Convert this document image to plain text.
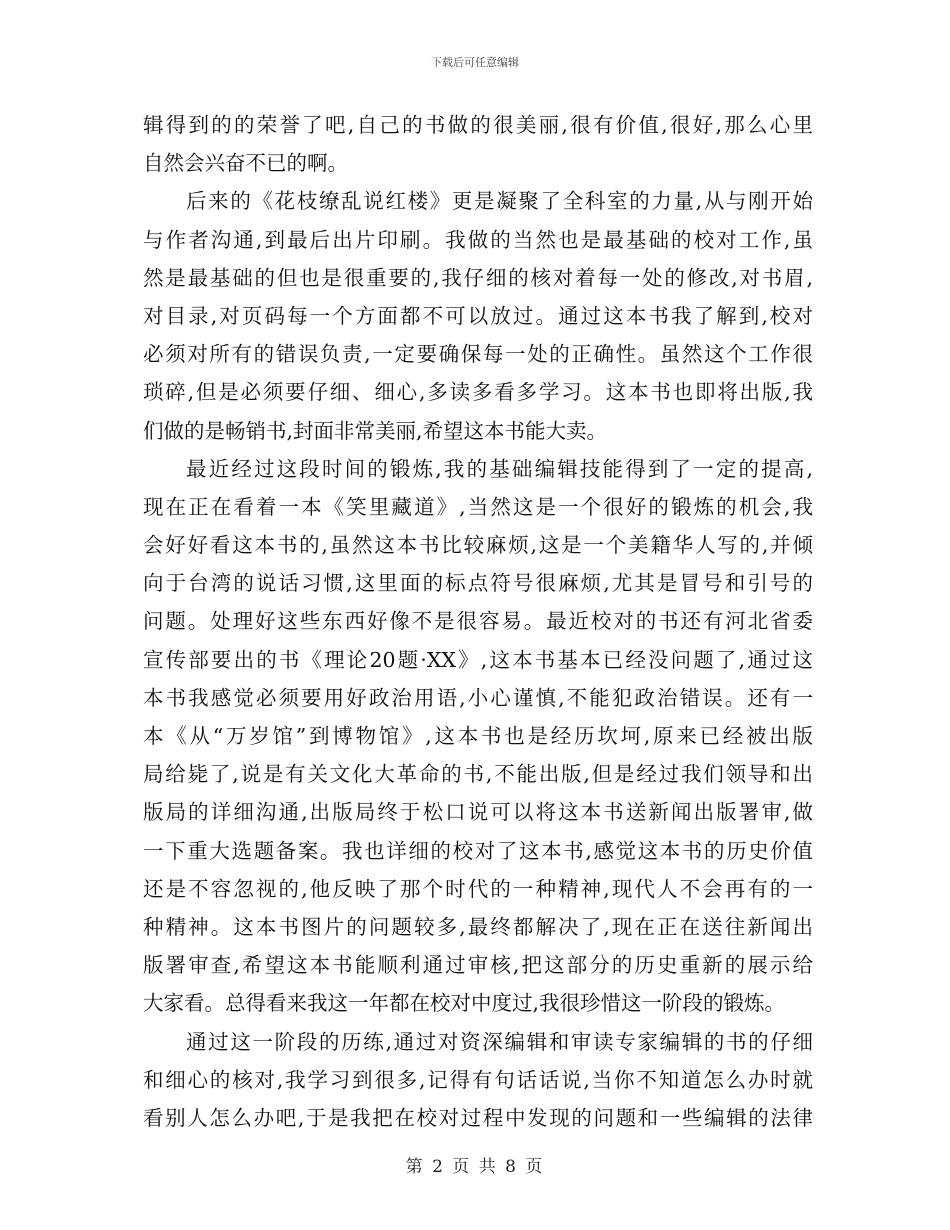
下载后可任意编辑
辑得到的的荣誉了吧,自己的书做的很美丽,很有价值,很好,那么心里
自然会兴奋不已的啊。
后来的《花枝缭乱说红楼》更是凝聚了全科室的力量,从与刚开始
与作者沟通,到最后出片印刷。我做的当然也是最基础的校对工作,虽
然是最基础的但也是很重要的,我仔细的核对着每一处的修改,对书眉,
对目录,对页码每一个方面都不可以放过。通过这本书我了解到,校对
必须对所有的错误负责,一定要确保每一处的正确性。虽然这个工作很
琐碎,但是必须要仔细、细心,多读多看多学习。这本书也即将出版,我
们做的是畅销书,封面非常美丽,希望这本书能大卖。
最近经过这段时间的锻炼,我的基础编辑技能得到了一定的提高,
现在正在看着一本《笑里藏道》,当然这是一个很好的锻炼的机会,我
会好好看这本书的,虽然这本书比较麻烦,这是一个美籍华人写的,并倾
向于台湾的说话习惯,这里面的标点符号很麻烦,尤其是冒号和引号的
问题。处理好这些东西好像不是很容易。最近校对的书还有河北省委
宣传部要出的书《理论20题·XX》,这本书基本已经没问题了,通过这
本书我感觉必须要用好政治用语,小心谨慎,不能犯政治错误。还有一
本《从“万岁馆”到博物馆》,这本书也是经历坎坷,原来已经被出版
局给毙了,说是有关文化大革命的书,不能出版,但是经过我们领导和出
版局的详细沟通,出版局终于松口说可以将这本书送新闻出版署审,做
一下重大选题备案。我也详细的校对了这本书,感觉这本书的历史价值
还是不容忽视的,他反映了那个时代的一种精神,现代人不会再有的一
种精神。这本书图片的问题较多,最终都解决了,现在正在送往新闻出
版署审查,希望这本书能顺利通过审核,把这部分的历史重新的展示给
大家看。总得看来我这一年都在校对中度过,我很珍惜这一阶段的锻炼。
通过这一阶段的历练,通过对资深编辑和审读专家编辑的书的仔细
和细心的核对,我学习到很多,记得有句话话说,当你不知道怎么办时就
看别人怎么办吧,于是我把在校对过程中发现的问题和一些编辑的法律
第 2 页 共 8 页
